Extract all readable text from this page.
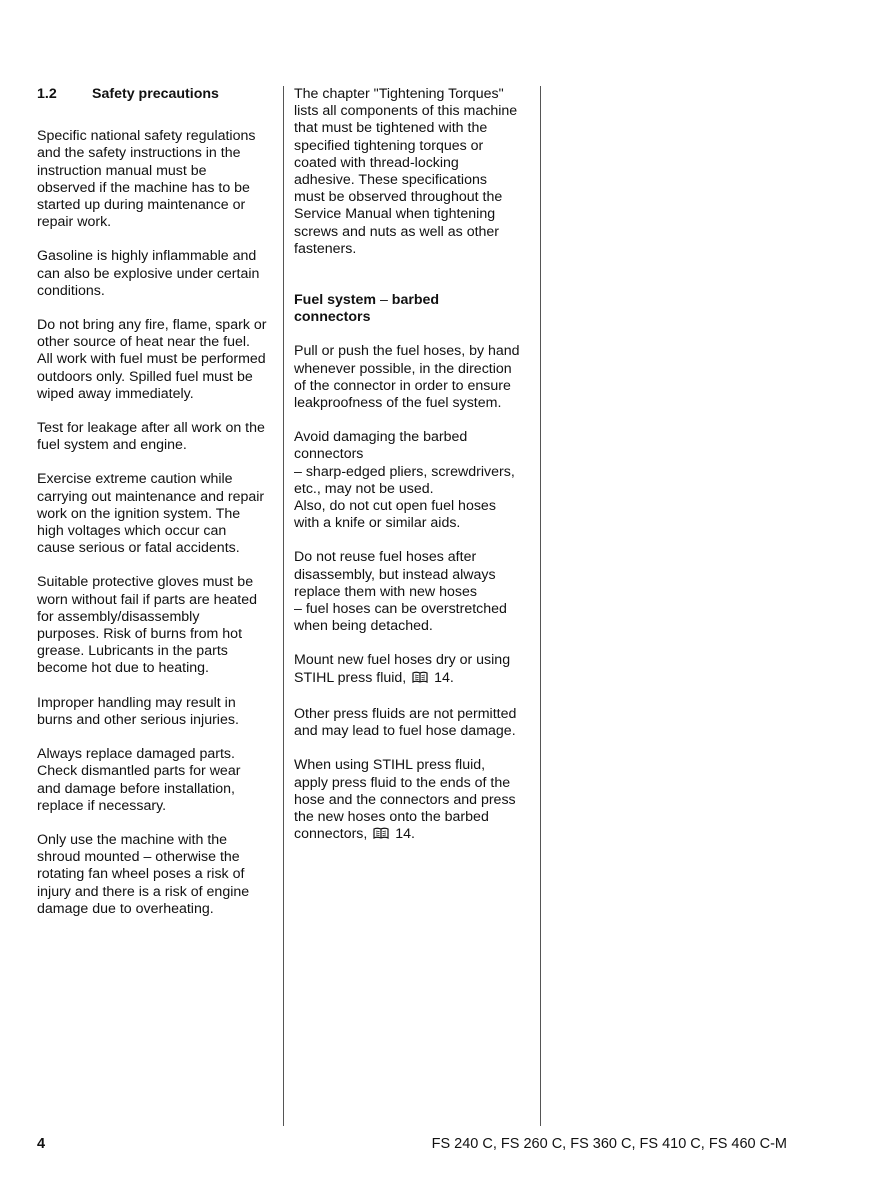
1.2	Safety precautions

Specific national safety regulations
and the safety instructions in the
instruction manual must be
observed if the machine has to be
started up during maintenance or
repair work.

Gasoline is highly inflammable and
can also be explosive under certain
conditions.

Do not bring any fire, flame, spark or
other source of heat near the fuel.
All work with fuel must be performed
outdoors only. Spilled fuel must be
wiped away immediately.

Test for leakage after all work on the
fuel system and engine.

Exercise extreme caution while
carrying out maintenance and repair
work on the ignition system. The
high voltages which occur can
cause serious or fatal accidents.

Suitable protective gloves must be
worn without fail if parts are heated
for assembly/disassembly
purposes. Risk of burns from hot
grease. Lubricants in the parts
become hot due to heating.

Improper handling may result in
burns and other serious injuries.

Always replace damaged parts.
Check dismantled parts for wear
and damage before installation,
replace if necessary.

Only use the machine with the
shroud mounted – otherwise the
rotating fan wheel poses a risk of
injury and there is a risk of engine
damage due to overheating.

The chapter "Tightening Torques"
lists all components of this machine
that must be tightened with the
specified tightening torques or
coated with thread-locking
adhesive. These specifications
must be observed throughout the
Service Manual when tightening
screws and nuts as well as other
fasteners.

Fuel system – barbed
connectors

Pull or push the fuel hoses, by hand
whenever possible, in the direction
of the connector in order to ensure
leakproofness of the fuel system.

Avoid damaging the barbed
connectors
– sharp-edged pliers, screwdrivers,
etc., may not be used.
Also, do not cut open fuel hoses
with a knife or similar aids.

Do not reuse fuel hoses after
disassembly, but instead always
replace them with new hoses
– fuel hoses can be overstretched
when being detached.

Mount new fuel hoses dry or using
STIHL press fluid, 14.

Other press fluids are not permitted
and may lead to fuel hose damage.

When using STIHL press fluid,
apply press fluid to the ends of the
hose and the connectors and press
the new hoses onto the barbed
connectors, 14.

4	FS 240 C, FS 260 C, FS 360 C, FS 410 C, FS 460 C-M
